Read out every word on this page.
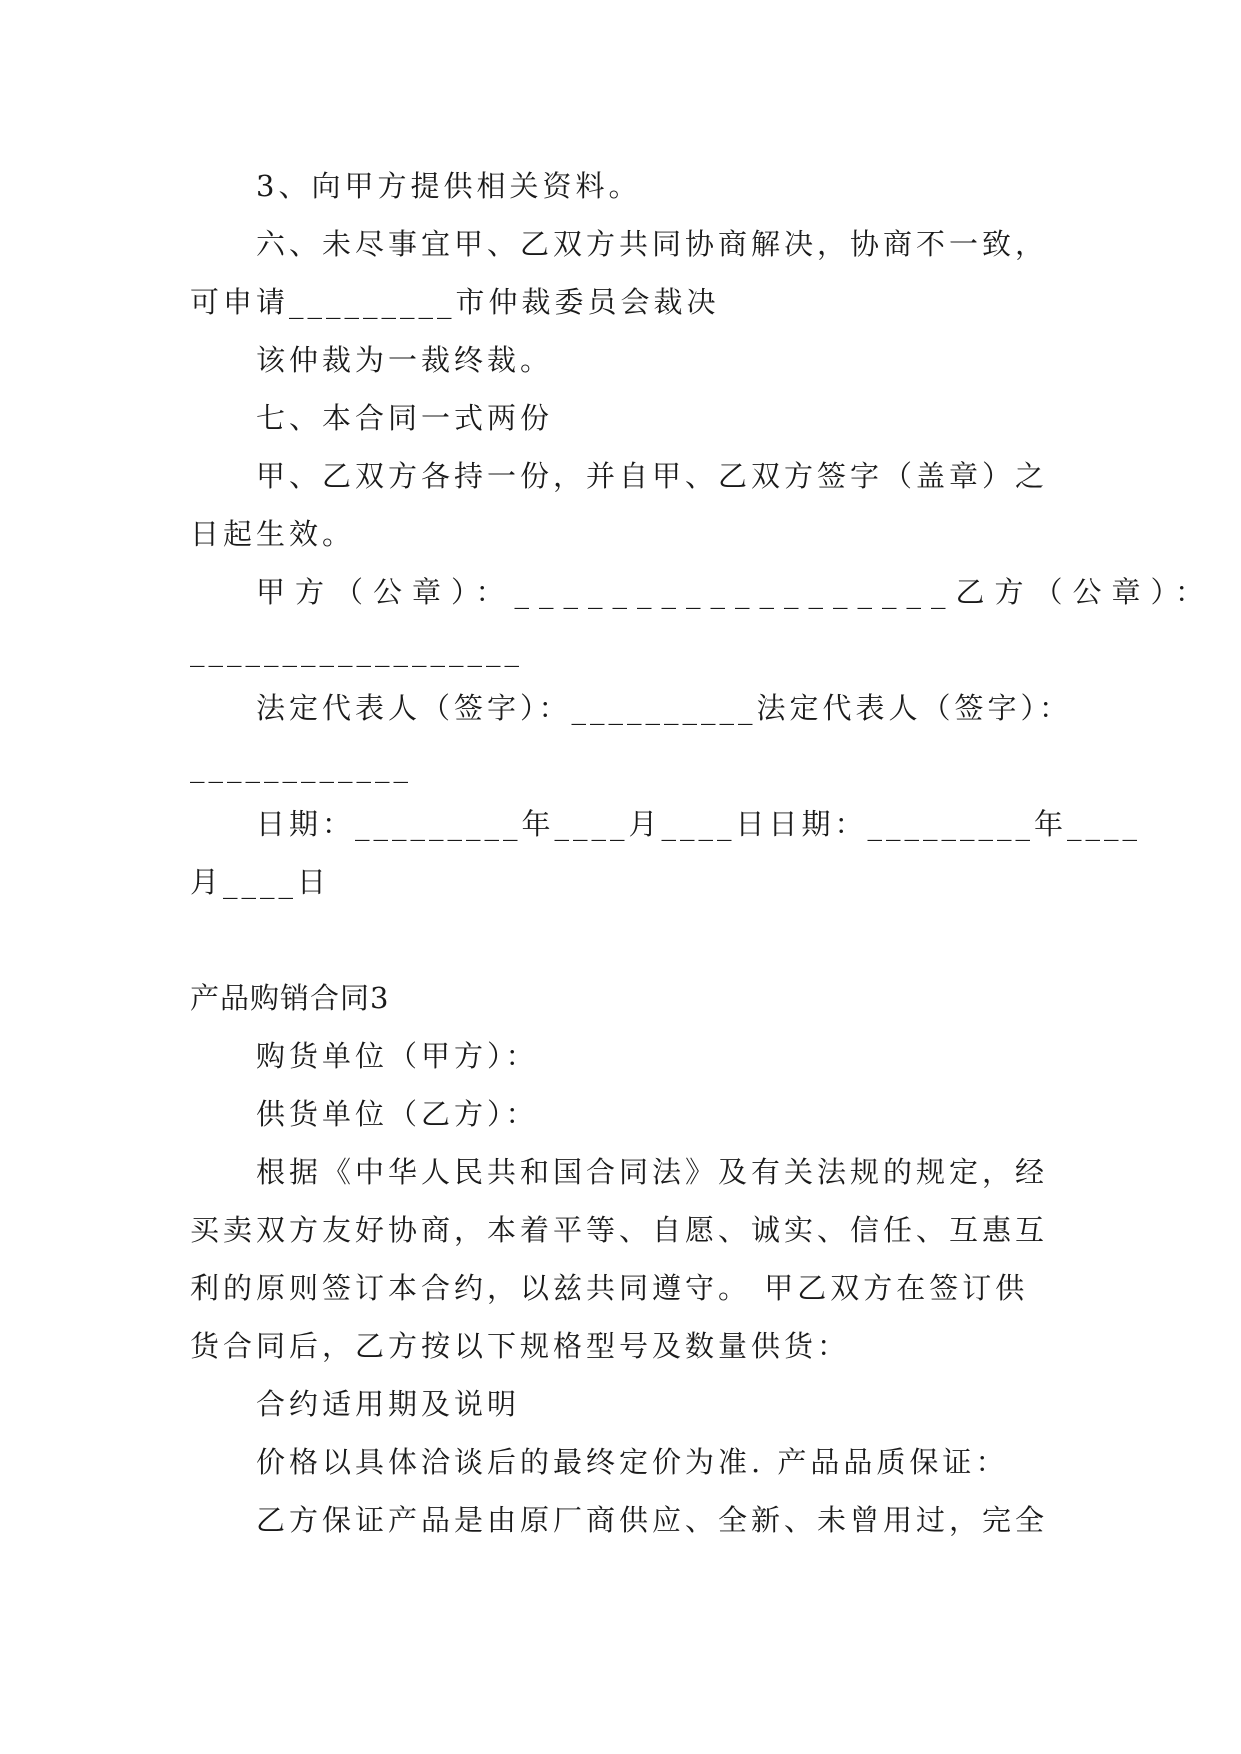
3、向甲方提供相关资料。
六、未尽事宜甲、乙双方共同协商解决，协商不一致，
可申请_________市仲裁委员会裁决
该仲裁为一裁终裁。
七、本合同一式两份
甲、乙双方各持一份，并自甲、乙双方签字（盖章）之
日起生效。
甲方（公章）：__________________乙方（公章）：
__________________
法定代表人（签字）：__________法定代表人（签字）：
____________
日期：_________年____月____日日期：_________年____
月____日
产品购销合同3
购货单位（甲方）：
供货单位（乙方）：
根据《中华人民共和国合同法》及有关法规的规定，经
买卖双方友好协商，本着平等、自愿、诚实、信任、互惠互
利的原则签订本合约，以兹共同遵守。 甲乙双方在签订供
货合同后，乙方按以下规格型号及数量供货：
合约适用期及说明
价格以具体洽谈后的最终定价为准. 产品品质保证：
乙方保证产品是由原厂商供应、全新、未曾用过，完全
